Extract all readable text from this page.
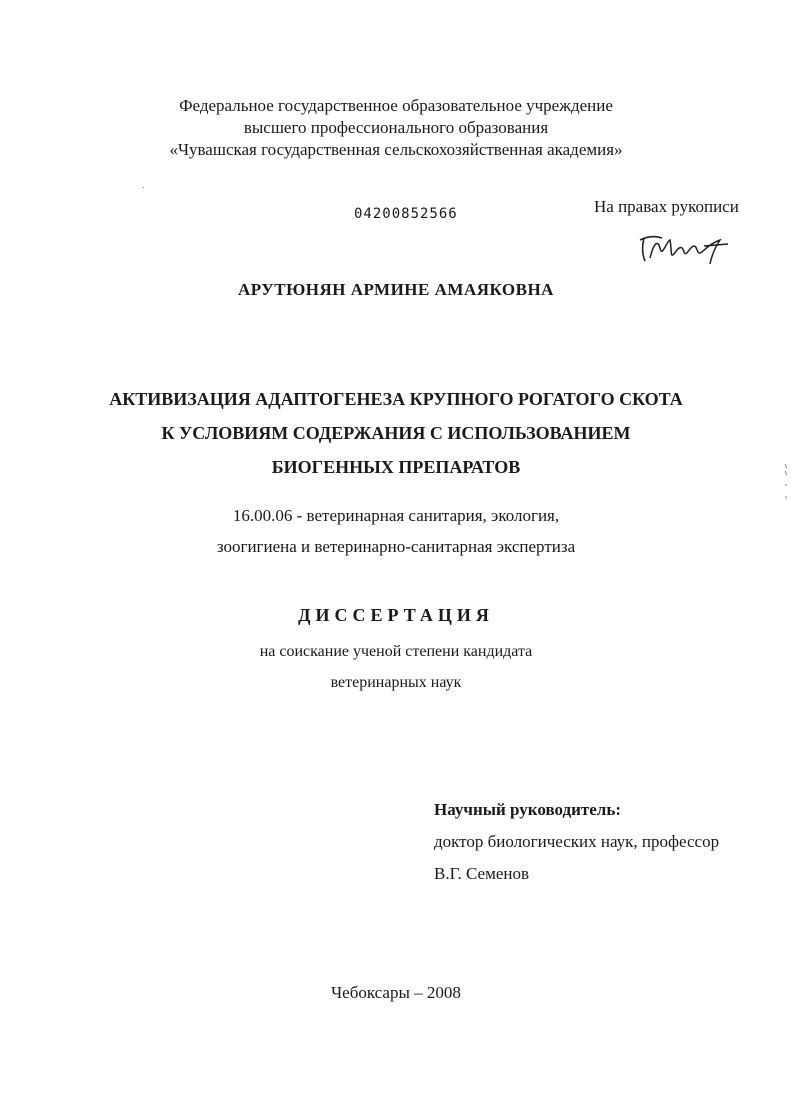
Федеральное государственное образовательное учреждение
высшего профессионального образования
«Чувашская государственная сельскохозяйственная академия»
04200852566	На правах рукописи
АРУТЮНЯН АРМИНЕ АМАЯКОВНА
АКТИВИЗАЦИЯ АДАПТОГЕНЕЗА КРУПНОГО РОГАТОГО СКОТА
К УСЛОВИЯМ СОДЕРЖАНИЯ С ИСПОЛЬЗОВАНИЕМ
БИОГЕННЫХ ПРЕПАРАТОВ
16.00.06 - ветеринарная санитария, экология,
зоогигиена и ветеринарно-санитарная экспертиза
ДИССЕРТАЦИЯ
на соискание ученой степени кандидата
ветеринарных наук
Научный руководитель:
доктор биологических наук, профессор
В.Г. Семенов
Чебоксары – 2008
